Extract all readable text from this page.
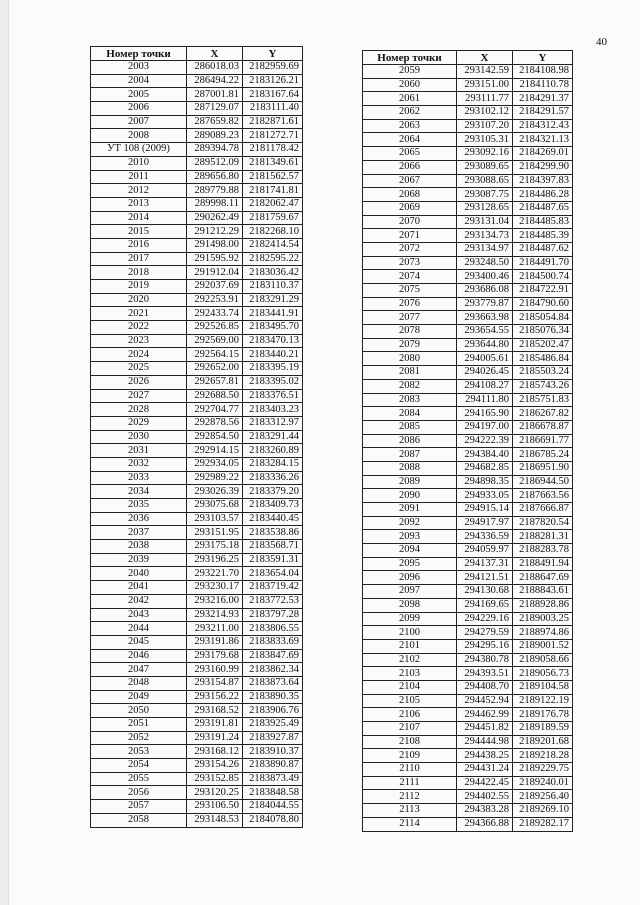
40
Номер точки	X	Y
2003	286018.03	2182959.69
2004	286494.22	2183126.21
2005	287001.81	2183167.64
2006	287129.07	2183111.40
2007	287659.82	2182871.61
2008	289089.23	2181272.71
УТ 108 (2009)	289394.78	2181178.42
2010	289512.09	2181349.61
2011	289656.80	2181562.57
2012	289779.88	2181741.81
2013	289998.11	2182062.47
2014	290262.49	2181759.67
2015	291212.29	2182268.10
2016	291498.00	2182414.54
2017	291595.92	2182595.22
2018	291912.04	2183036.42
2019	292037.69	2183110.37
2020	292253.91	2183291.29
2021	292433.74	2183441.91
2022	292526.85	2183495.70
2023	292569.00	2183470.13
2024	292564.15	2183440.21
2025	292652.00	2183395.19
2026	292657.81	2183395.02
2027	292688.50	2183376.51
2028	292704.77	2183403.23
2029	292878.56	2183312.97
2030	292854.50	2183291.44
2031	292914.15	2183260.89
2032	292934.05	2183284.15
2033	292989.22	2183336.26
2034	293026.39	2183379.20
2035	293075.68	2183409.73
2036	293103.57	2183440.45
2037	293151.95	2183538.86
2038	293175.18	2183568.71
2039	293196.25	2183591.31
2040	293221.70	2183654.04
2041	293230.17	2183719.42
2042	293216.00	2183772.53
2043	293214.93	2183797.28
2044	293211.00	2183806.55
2045	293191.86	2183833.69
2046	293179.68	2183847.69
2047	293160.99	2183862.34
2048	293154.87	2183873.64
2049	293156.22	2183890.35
2050	293168.52	2183906.76
2051	293191.81	2183925.49
2052	293191.24	2183927.87
2053	293168.12	2183910.37
2054	293154.26	2183890.87
2055	293152.85	2183873.49
2056	293120.25	2183848.58
2057	293106.50	2184044.55
2058	293148.53	2184078.80
Номер точки	X	Y
2059	293142.59	2184108.98
2060	293151.00	2184110.78
2061	293111.77	2184291.37
2062	293102.12	2184291.57
2063	293107.20	2184312.43
2064	293105.31	2184321.13
2065	293092.16	2184269.01
2066	293089.65	2184299.90
2067	293088.65	2184397.83
2068	293087.75	2184486.28
2069	293128.65	2184487.65
2070	293131.04	2184485.83
2071	293134.73	2184485.39
2072	293134.97	2184487.62
2073	293248.50	2184491.70
2074	293400.46	2184500.74
2075	293686.08	2184722.91
2076	293779.87	2184790.60
2077	293663.98	2185054.84
2078	293654.55	2185076.34
2079	293644.80	2185202.47
2080	294005.61	2185486.84
2081	294026.45	2185503.24
2082	294108.27	2185743.26
2083	294111.80	2185751.83
2084	294165.90	2186267.82
2085	294197.00	2186678.87
2086	294222.39	2186691.77
2087	294384.40	2186785.24
2088	294682.85	2186951.90
2089	294898.35	2186944.50
2090	294933.05	2187663.56
2091	294915.14	2187666.87
2092	294917.97	2187820.54
2093	294336.59	2188281.31
2094	294059.97	2188283.78
2095	294137.31	2188491.94
2096	294121.51	2188647.69
2097	294130.68	2188843.61
2098	294169.65	2188928.86
2099	294229.16	2189003.25
2100	294279.59	2188974.86
2101	294295.16	2189001.52
2102	294380.78	2189058.66
2103	294393.51	2189056.73
2104	294408.70	2189104.58
2105	294452.94	2189122.19
2106	294462.99	2189176.78
2107	294451.82	2189189.59
2108	294444.98	2189201.68
2109	294438.25	2189218.28
2110	294431.24	2189229.75
2111	294422.45	2189240.01
2112	294402.55	2189256.40
2113	294383.28	2189269.10
2114	294366.88	2189282.17
